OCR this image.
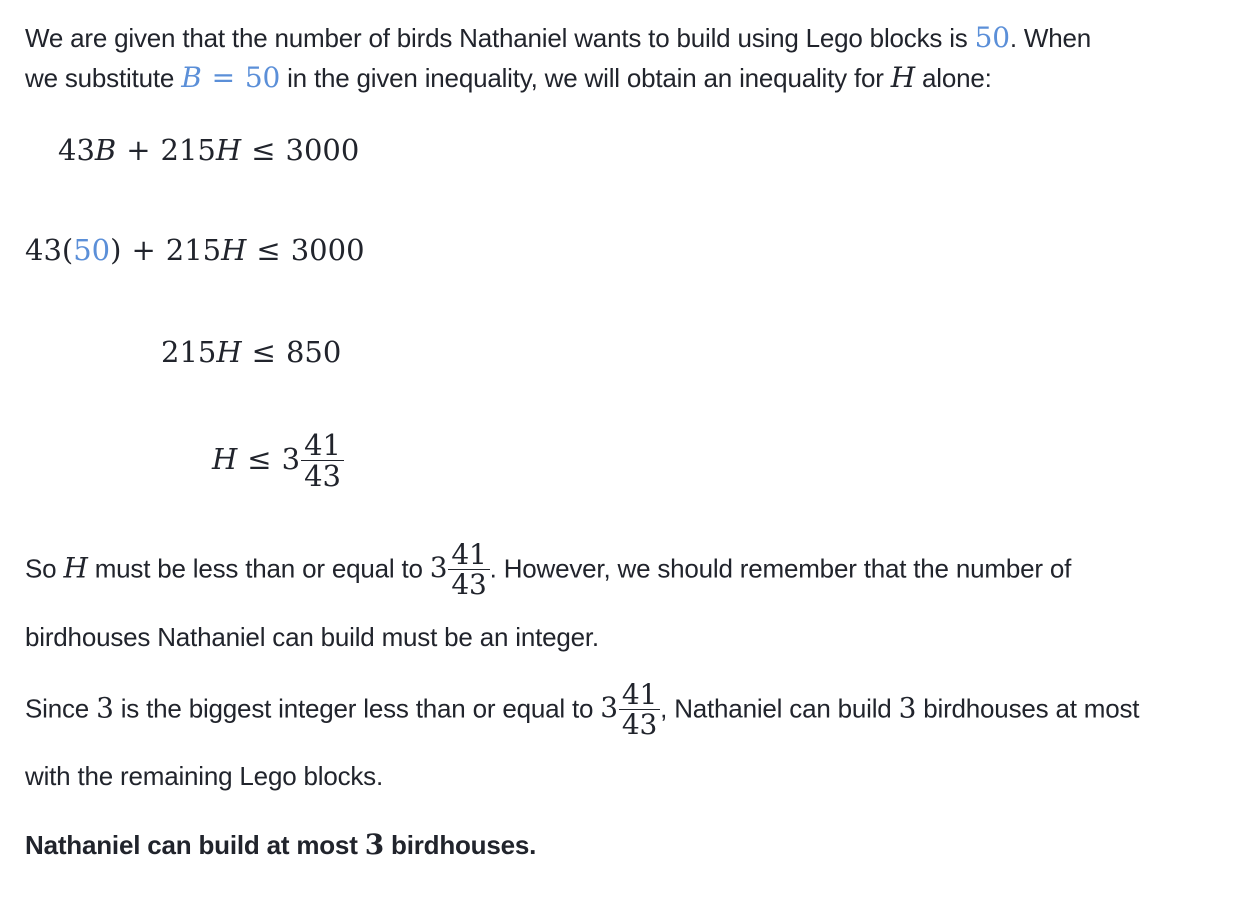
We are given that the number of birds Nathaniel wants to build using Lego blocks is 50. When
we substitute B = 50 in the given inequality, we will obtain an inequality for H alone:
43B + 215H ≤ 3000
43(50) + 215H ≤ 3000
215H ≤ 850
$H \le 3 \frac{41}{43}$
So H must be less than or equal to $3 \frac{41}{43}$ . However, we should remember that the number of
birdhouses Nathaniel can build must be an integer.
Since 3 is the biggest integer less than or equal to $3 \frac{41}{43}$ , Nathaniel can build 3 birdhouses at most
with the remaining Lego blocks.
Nathaniel can build at most 3 birdhouses.
